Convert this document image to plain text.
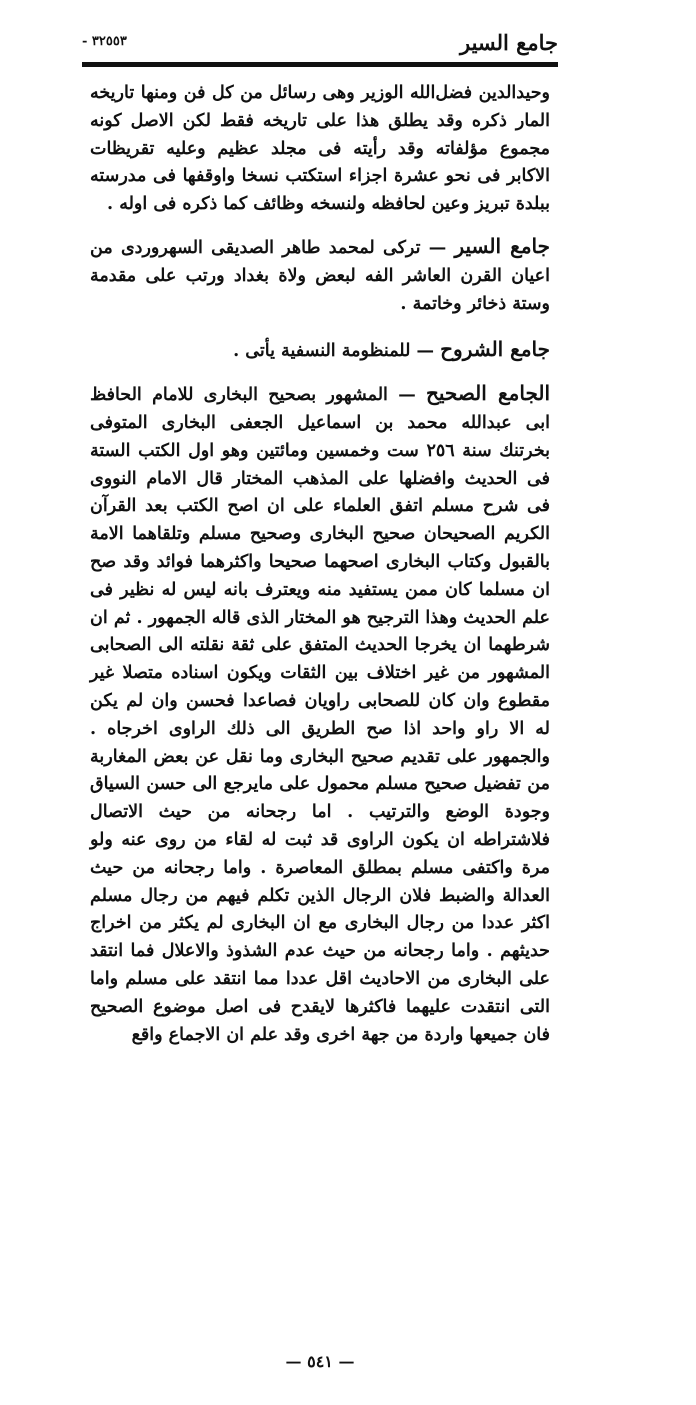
جامع السير
- ٣٢٥٥٣

وحيدالدين فضل‌الله الوزير وهى رسائل من كل فن ومنها تاريخه المار ذكره وقد يطلق هذا على تاريخه فقط لكن الاصل كونه مجموع مؤلفاته وقد رأيته فى مجلد عظيم وعليه تقريظات الاكابر فى نحو عشرة اجزاء استكتب نسخا واوقفها فى مدرسته ببلدة تبريز وعين لحافظه ولنسخه وظائف كما ذكره فى اوله .

جامع السير — تركى لمحمد طاهر الصديقى السهروردى من اعيان القرن العاشر الفه لبعض ولاة بغداد ورتب على مقدمة وستة ذخائر وخاتمة .

جامع الشروح — للمنظومة النسفية يأتى .

الجامع الصحيح — المشهور بصحيح البخارى للامام الحافظ ابى عبدالله محمد بن اسماعيل الجعفى البخارى المتوفى بخرتنك سنة ٢٥٦ ست وخمسين ومائتين وهو اول الكتب الستة فى الحديث وافضلها على المذهب المختار قال الامام النووى فى شرح مسلم اتفق العلماء على ان اصح الكتب بعد القرآن الكريم الصحيحان صحيح البخارى وصحيح مسلم وتلقاهما الامة بالقبول وكتاب البخارى اصحهما صحيحا واكثرهما فوائد وقد صح ان مسلما كان ممن يستفيد منه ويعترف بانه ليس له نظير فى علم الحديث وهذا الترجيح هو المختار الذى قاله الجمهور . ثم ان شرطهما ان يخرجا الحديث المتفق على ثقة نقلته الى الصحابى المشهور من غير اختلاف بين الثقات ويكون اسناده متصلا غير مقطوع وان كان للصحابى راويان فصاعدا فحسن وان لم يكن له الا راو واحد اذا صح الطريق الى ذلك الراوى اخرجاه . والجمهور على تقديم صحيح البخارى وما نقل عن بعض المغاربة من تفضيل صحيح مسلم محمول على مايرجع الى حسن السياق وجودة الوضع والترتيب . اما رجحانه من حيث الاتصال فلاشتراطه ان يكون الراوى قد ثبت له لقاء من روى عنه ولو مرة واكتفى مسلم بمطلق المعاصرة . واما رجحانه من حيث العدالة والضبط فلان الرجال الذين تكلم فيهم من رجال مسلم اكثر عددا من رجال البخارى مع ان البخارى لم يكثر من اخراج حديثهم . واما رجحانه من حيث عدم الشذوذ والاعلال فما انتقد على البخارى من الاحاديث اقل عددا مما انتقد على مسلم واما التى انتقدت عليهما فاكثرها لايقدح فى اصل موضوع الصحيح فان جميعها واردة من جهة اخرى وقد علم ان الاجماع واقع

— ٥٤١ —
